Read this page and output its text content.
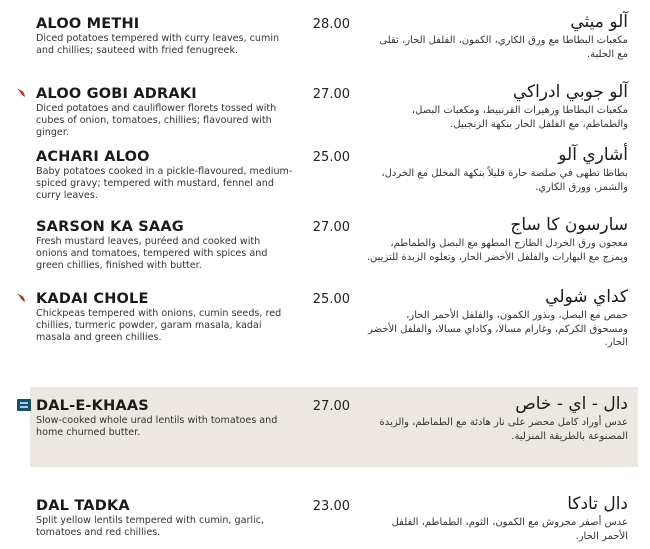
ALOO METHI
Diced potatoes tempered with curry leaves, cumin and chillies; sauteed with fried fenugreek.
28.00	آلو ميثي
مكعبات البطاطا مع ورق الكاري، الكمون، الفلفل الحار، تقلى مع الحلبة.
ALOO GOBI ADRAKI
Diced potatoes and cauliflower florets tossed with cubes of onion, tomatoes, chillies; flavoured with ginger.
27.00	آلو جوبي ادراكي
مكعبات البطاطا وزهيرات القرنبيط، ومكعبات البصل، والطماطم، مع الفلفل الحار بنكهة الزنجبيل.
ACHARI ALOO
Baby potatoes cooked in a pickle-flavoured, medium-spiced gravy; tempered with mustard, fennel and curry leaves.
25.00	أشاري آلو
بطاطا تطهى في صلصة حارة قليلاً بنكهة المخلل مع الخردل، والشمر، وورق الكاري.
SARSON KA SAAG
Fresh mustard leaves, puréed and cooked with onions and tomatoes, tempered with spices and green chillies, finished with butter.
27.00	سارسون كا ساج
معجون ورق الخردل الطازج المطهو مع البصل والطماطم، ويمزج مع البهارات والفلفل الأخضر الحار، وتعلوه الزبدة للتزيين.
KADAI CHOLE
Chickpeas tempered with onions, cumin seeds, red chillies, turmeric powder, garam masala, kadai masala and green chillies.
25.00	كداي شولي
حمص مع البصل، وبذور الكمون، والفلفل الأحمر الحار، ومسحوق الكركم، وغارام مسالا، وكاداي مسالا، والفلفل الأخضر الحار.
DAL-E-KHAAS
Slow-cooked whole urad lentils with tomatoes and home churned butter.
27.00	دال - اي - خاص
عدس أوراد كامل محضر على نار هادئة مع الطماطم، والزبدة المصنوعة بالطريقة المنزلية.
DAL TADKA
Split yellow lentils tempered with cumin, garlic, tomatoes and red chillies.
23.00	دال تادكا
عدس أصفر مجروش مع الكمون، الثوم، الطماطم، الفلفل الأحمر الحار.
